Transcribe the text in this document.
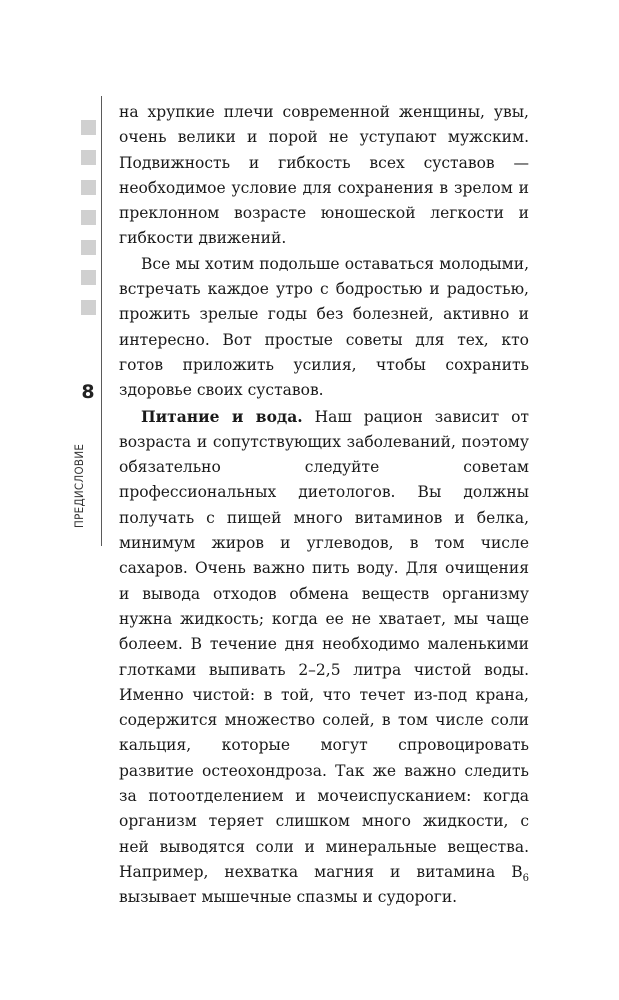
8
ПРЕДИСЛОВИЕ

на хрупкие плечи современной женщины, увы, очень велики и порой не уступают мужским. Подвижность и гибкость всех суставов — необходимое условие для сохранения в зрелом и преклонном возрасте юношеской легкости и гибкости движений.

Все мы хотим подольше оставаться молодыми, встречать каждое утро с бодростью и радостью, прожить зрелые годы без болезней, активно и интересно. Вот простые советы для тех, кто готов приложить усилия, чтобы сохранить здоровье своих суставов.

Питание и вода. Наш рацион зависит от возраста и сопутствующих заболеваний, поэтому обязательно следуйте советам профессиональных диетологов. Вы должны получать с пищей много витаминов и белка, минимум жиров и углеводов, в том числе сахаров. Очень важно пить воду. Для очищения и вывода отходов обмена веществ организму нужна жидкость; когда ее не хватает, мы чаще болеем. В течение дня необходимо маленькими глотками выпивать 2–2,5 литра чистой воды. Именно чистой: в той, что течет из-под крана, содержится множество солей, в том числе соли кальция, которые могут спровоцировать развитие остеохондроза. Так же важно следить за потоотделением и мочеиспусканием: когда организм теряет слишком много жидкости, с ней выводятся соли и минеральные вещества. Например, нехватка магния и витамина $В_6$ вызывает мышечные спазмы и судороги.
